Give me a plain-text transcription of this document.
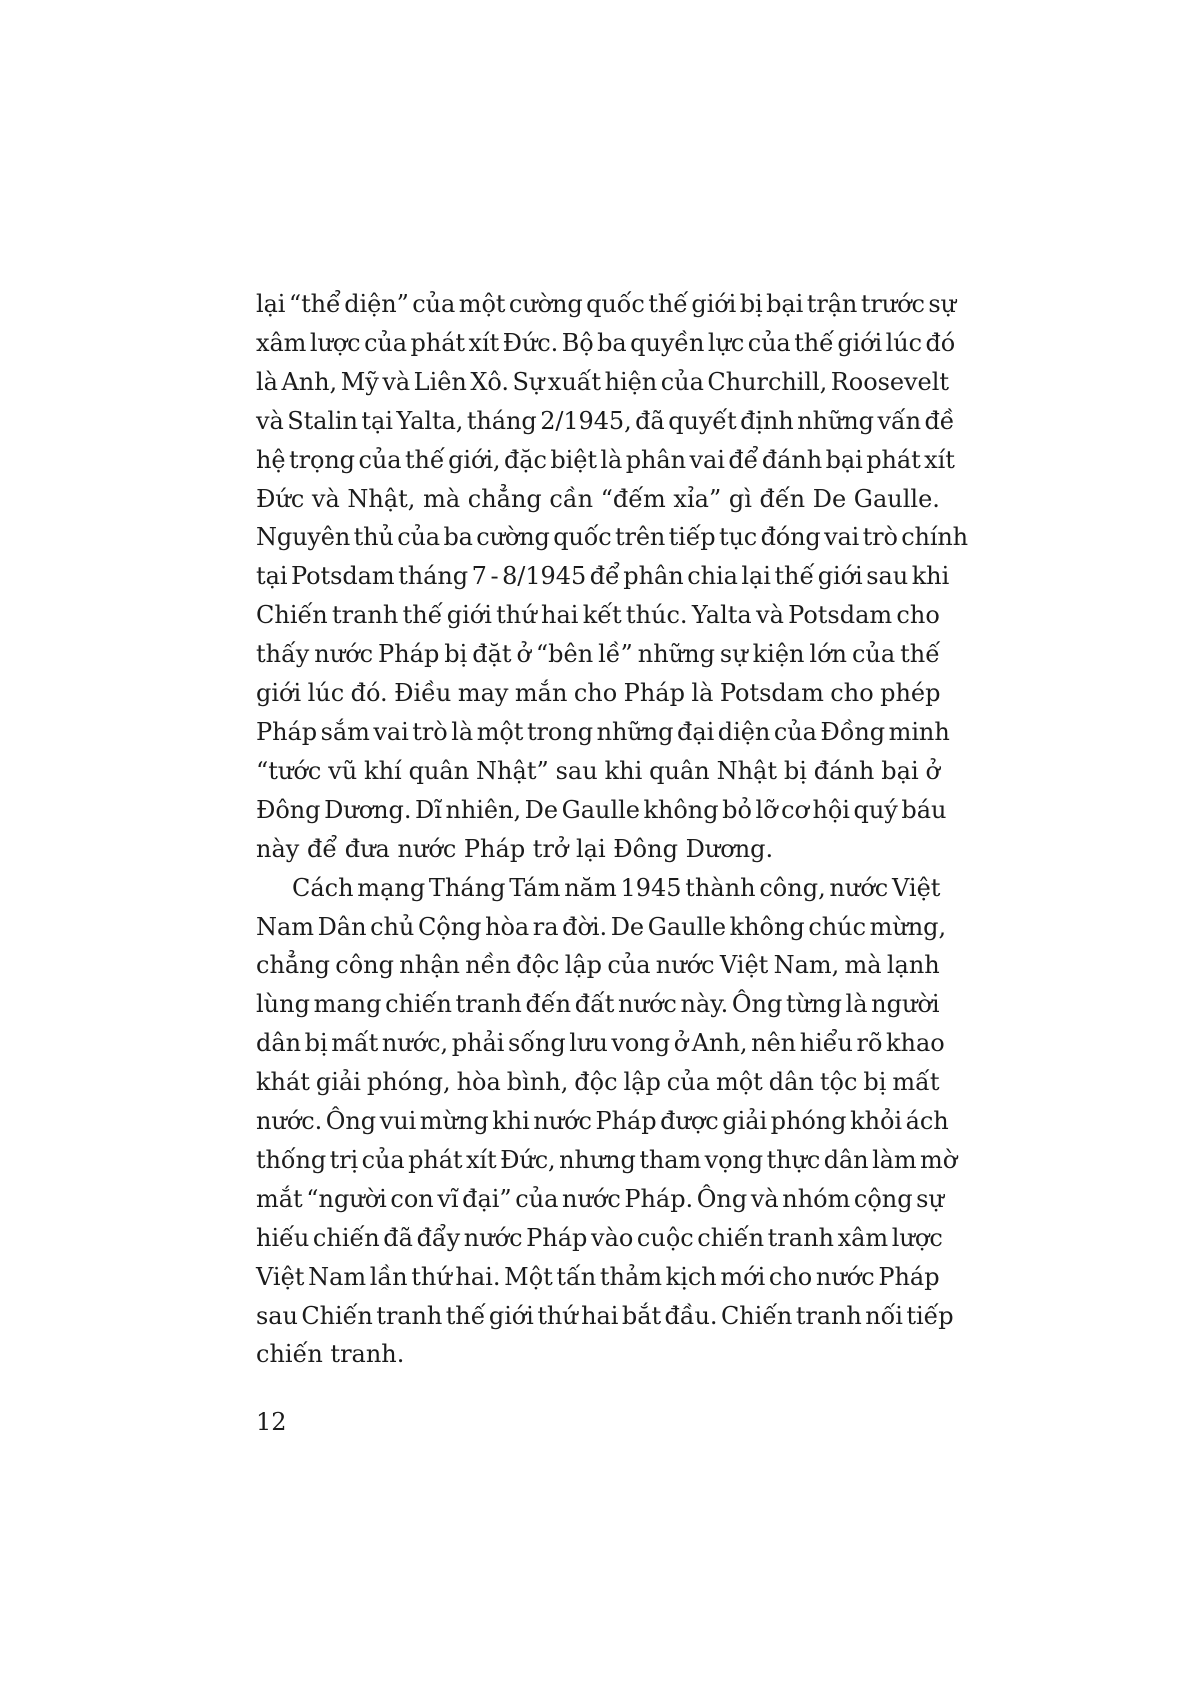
lại “thể diện” của một cường quốc thế giới bị bại trận trước sự
xâm lược của phát xít Đức. Bộ ba quyền lực của thế giới lúc đó
là Anh, Mỹ và Liên Xô. Sự xuất hiện của Churchill, Roosevelt
và Stalin tại Yalta, tháng 2/1945, đã quyết định những vấn đề
hệ trọng của thế giới, đặc biệt là phân vai để đánh bại phát xít
Đức và Nhật, mà chẳng cần “đếm xỉa” gì đến De Gaulle.
Nguyên thủ của ba cường quốc trên tiếp tục đóng vai trò chính
tại Potsdam tháng 7 - 8/1945 để phân chia lại thế giới sau khi
Chiến tranh thế giới thứ hai kết thúc. Yalta và Potsdam cho
thấy nước Pháp bị đặt ở “bên lề” những sự kiện lớn của thế
giới lúc đó. Điều may mắn cho Pháp là Potsdam cho phép
Pháp sắm vai trò là một trong những đại diện của Đồng minh
“tước vũ khí quân Nhật” sau khi quân Nhật bị đánh bại ở
Đông Dương. Dĩ nhiên, De Gaulle không bỏ lỡ cơ hội quý báu
này để đưa nước Pháp trở lại Đông Dương.

Cách mạng Tháng Tám năm 1945 thành công, nước Việt
Nam Dân chủ Cộng hòa ra đời. De Gaulle không chúc mừng,
chẳng công nhận nền độc lập của nước Việt Nam, mà lạnh
lùng mang chiến tranh đến đất nước này. Ông từng là người
dân bị mất nước, phải sống lưu vong ở Anh, nên hiểu rõ khao
khát giải phóng, hòa bình, độc lập của một dân tộc bị mất
nước. Ông vui mừng khi nước Pháp được giải phóng khỏi ách
thống trị của phát xít Đức, nhưng tham vọng thực dân làm mờ
mắt “người con vĩ đại” của nước Pháp. Ông và nhóm cộng sự
hiếu chiến đã đẩy nước Pháp vào cuộc chiến tranh xâm lược
Việt Nam lần thứ hai. Một tấn thảm kịch mới cho nước Pháp
sau Chiến tranh thế giới thứ hai bắt đầu. Chiến tranh nối tiếp
chiến tranh.

12
